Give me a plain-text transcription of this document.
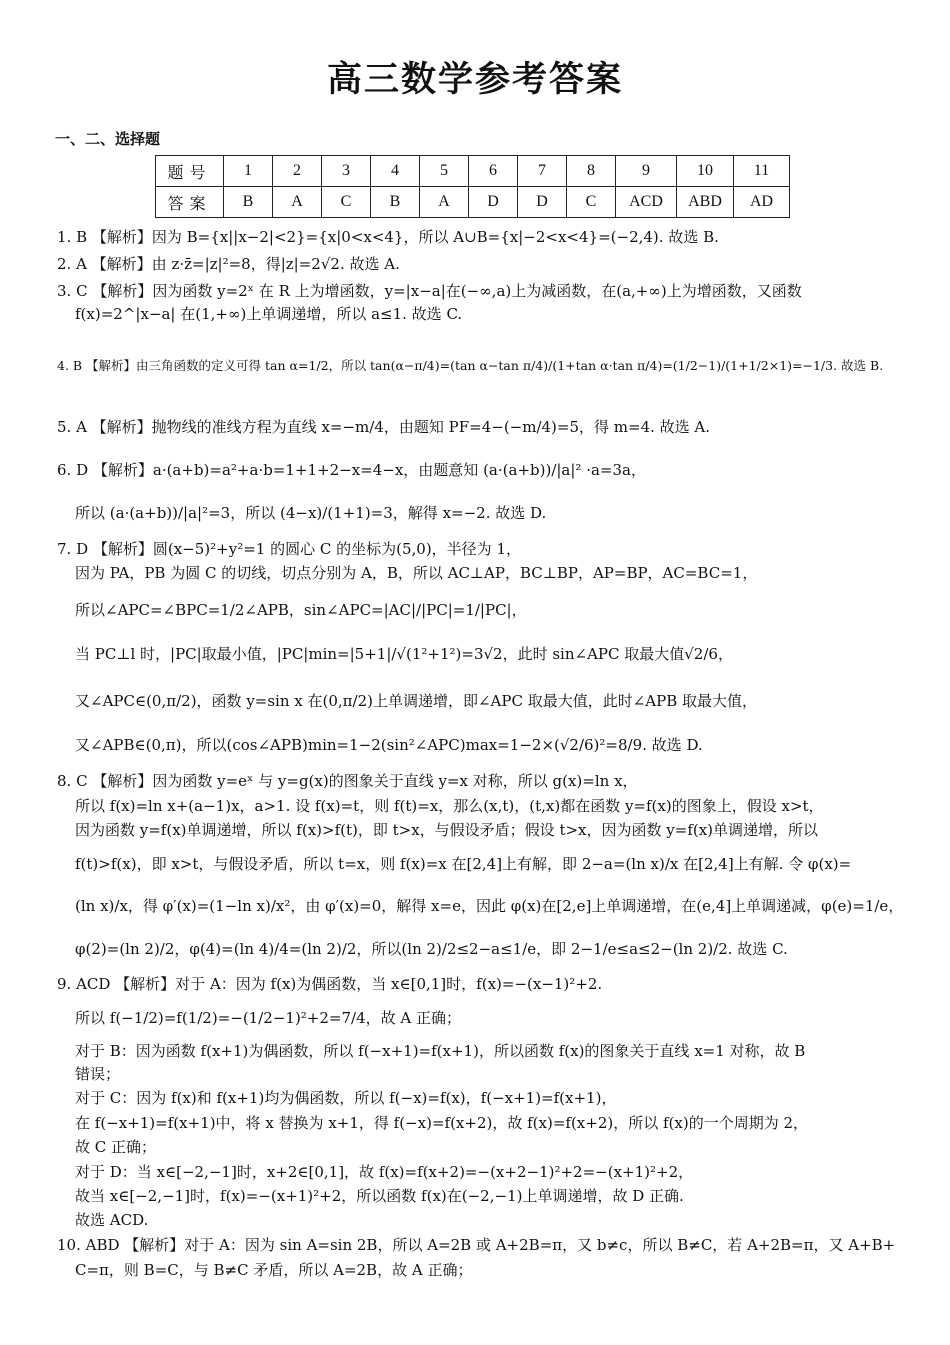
高三数学参考答案
一、二、选择题
题号	1	2	3	4	5	6	7	8	9	10	11
答案	B	A	C	B	A	D	D	C	ACD	ABD	AD
1. B 【解析】因为 B={x||x−2|<2}={x|0<x<4}，所以 A∪B={x|−2<x<4}=(−2,4). 故选 B.
2. A 【解析】由 z·z̄=|z|²=8，得|z|=2√2. 故选 A.
3. C 【解析】因为函数 y=2ˣ 在 R 上为增函数，y=|x−a|在(−∞,a)上为减函数，在(a,+∞)上为增函数，又函数
f(x)=2^|x−a| 在(1,+∞)上单调递增，所以 a≤1. 故选 C.
4. B 【解析】由三角函数的定义可得 tan α=1/2，所以 tan(α−π/4)=(tan α−tan π/4)/(1+tan α·tan π/4)=(1/2−1)/(1+1/2×1)=−1/3. 故选 B.
5. A 【解析】抛物线的准线方程为直线 x=−m/4，由题知 PF=4−(−m/4)=5，得 m=4. 故选 A.
6. D 【解析】a·(a+b)=a²+a·b=1+1+2−x=4−x，由题意知 (a·(a+b))/|a|² ·a=3a，
所以 (a·(a+b))/|a|²=3，所以 (4−x)/(1+1)=3，解得 x=−2. 故选 D.
7. D 【解析】圆(x−5)²+y²=1 的圆心 C 的坐标为(5,0)，半径为 1，
因为 PA，PB 为圆 C 的切线，切点分别为 A，B，所以 AC⊥AP，BC⊥BP，AP=BP，AC=BC=1，
所以∠APC=∠BPC=1/2∠APB，sin∠APC=|AC|/|PC|=1/|PC|，
当 PC⊥l 时，|PC|取最小值，|PC|min=|5+1|/√(1²+1²)=3√2，此时 sin∠APC 取最大值√2/6，
又∠APC∈(0,π/2)，函数 y=sin x 在(0,π/2)上单调递增，即∠APC 取最大值，此时∠APB 取最大值，
又∠APB∈(0,π)，所以(cos∠APB)min=1−2(sin²∠APC)max=1−2×(√2/6)²=8/9. 故选 D.
8. C 【解析】因为函数 y=eˣ 与 y=g(x)的图象关于直线 y=x 对称，所以 g(x)=ln x，
所以 f(x)=ln x+(a−1)x，a>1. 设 f(x)=t，则 f(t)=x，那么(x,t)，(t,x)都在函数 y=f(x)的图象上，假设 x>t，
因为函数 y=f(x)单调递增，所以 f(x)>f(t)，即 t>x，与假设矛盾；假设 t>x，因为函数 y=f(x)单调递增，所以
f(t)>f(x)，即 x>t，与假设矛盾，所以 t=x，则 f(x)=x 在[2,4]上有解，即 2−a=(ln x)/x 在[2,4]上有解. 令 φ(x)=
(ln x)/x，得 φ′(x)=(1−ln x)/x²，由 φ′(x)=0，解得 x=e，因此 φ(x)在[2,e]上单调递增，在(e,4]上单调递减，φ(e)=1/e，
φ(2)=(ln 2)/2，φ(4)=(ln 4)/4=(ln 2)/2，所以(ln 2)/2≤2−a≤1/e，即 2−1/e≤a≤2−(ln 2)/2. 故选 C.
9. ACD 【解析】对于 A：因为 f(x)为偶函数，当 x∈[0,1]时，f(x)=−(x−1)²+2.
所以 f(−1/2)=f(1/2)=−(1/2−1)²+2=7/4，故 A 正确；
对于 B：因为函数 f(x+1)为偶函数，所以 f(−x+1)=f(x+1)，所以函数 f(x)的图象关于直线 x=1 对称，故 B
错误；
对于 C：因为 f(x)和 f(x+1)均为偶函数，所以 f(−x)=f(x)，f(−x+1)=f(x+1)，
在 f(−x+1)=f(x+1)中，将 x 替换为 x+1，得 f(−x)=f(x+2)，故 f(x)=f(x+2)，所以 f(x)的一个周期为 2，
故 C 正确；
对于 D：当 x∈[−2,−1]时，x+2∈[0,1]，故 f(x)=f(x+2)=−(x+2−1)²+2=−(x+1)²+2，
故当 x∈[−2,−1]时，f(x)=−(x+1)²+2，所以函数 f(x)在(−2,−1)上单调递增，故 D 正确.
故选 ACD.
10. ABD 【解析】对于 A：因为 sin A=sin 2B，所以 A=2B 或 A+2B=π，又 b≠c，所以 B≠C，若 A+2B=π，又 A+B+
C=π，则 B=C，与 B≠C 矛盾，所以 A=2B，故 A 正确；
